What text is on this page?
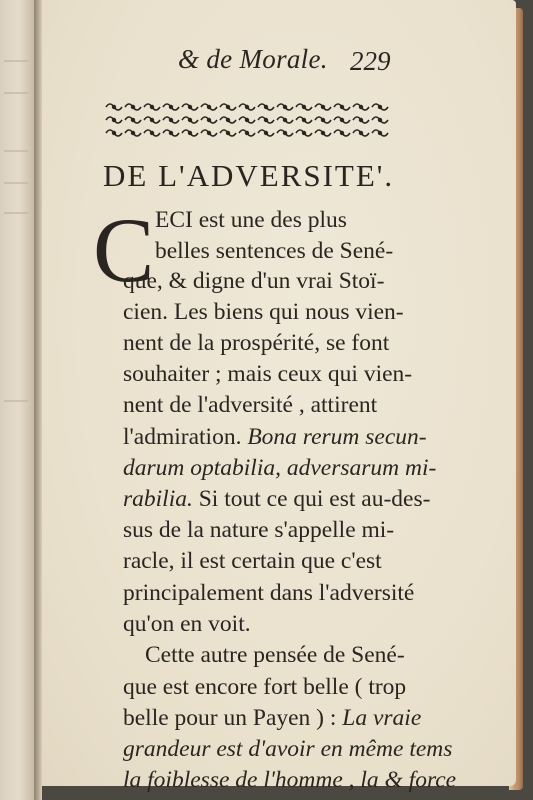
& de Morale. 229
DE L'ADVERSITE'.
C ECI est une des plus
belles sentences de Sené-
que, & digne d'un vrai Stoï-
cien. Les biens qui nous vien-
nent de la prospérité, se font
souhaiter ; mais ceux qui vien-
nent de l'adversité , attirent
l'admiration. Bona rerum secun-
darum optabilia, adversarum mi-
rabilia. Si tout ce qui est au-des-
sus de la nature s'appelle mi-
racle, il est certain que c'est
principalement dans l'adversité
qu'on en voit.
Cette autre pensée de Sené-
que est encore fort belle ( trop
belle pour un Payen ) : La vraie
grandeur est d'avoir en même tems
la foiblesse de l'homme , la & force
